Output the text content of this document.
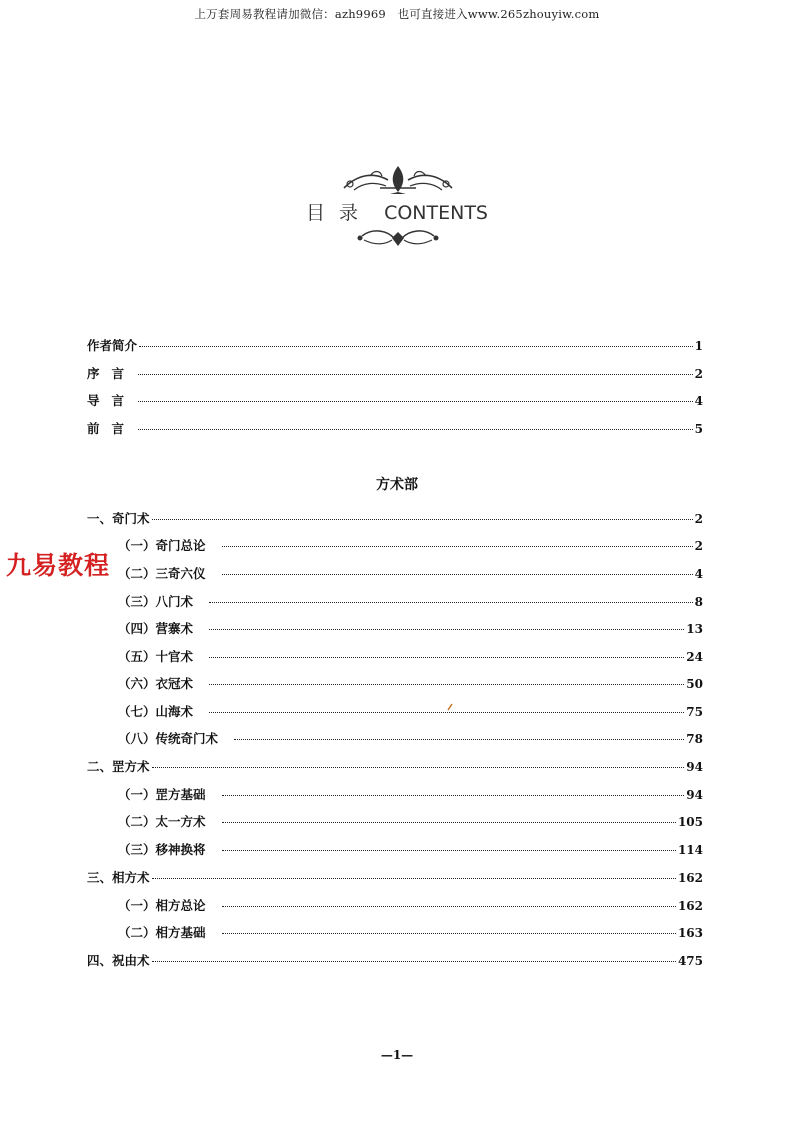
上万套周易教程请加微信：azh9969　也可直接进入www.265zhouyiw.com
目录 CONTENTS
作者简介	1
序言	2
导言	4
前言	5
方术部
一、奇门术	2
（一）奇门总论	2
（二）三奇六仪	4
（三）八门术	8
（四）营寨术	13
（五）十官术	24
（六）衣冠术	50
（七）山海术	75
（八）传统奇门术	78
二、罡方术	94
（一）罡方基础	94
（二）太一方术	105
（三）移神换将	114
三、相方术	162
（一）相方总论	162
（二）相方基础	163
四、祝由术	475
九易教程
—1—
